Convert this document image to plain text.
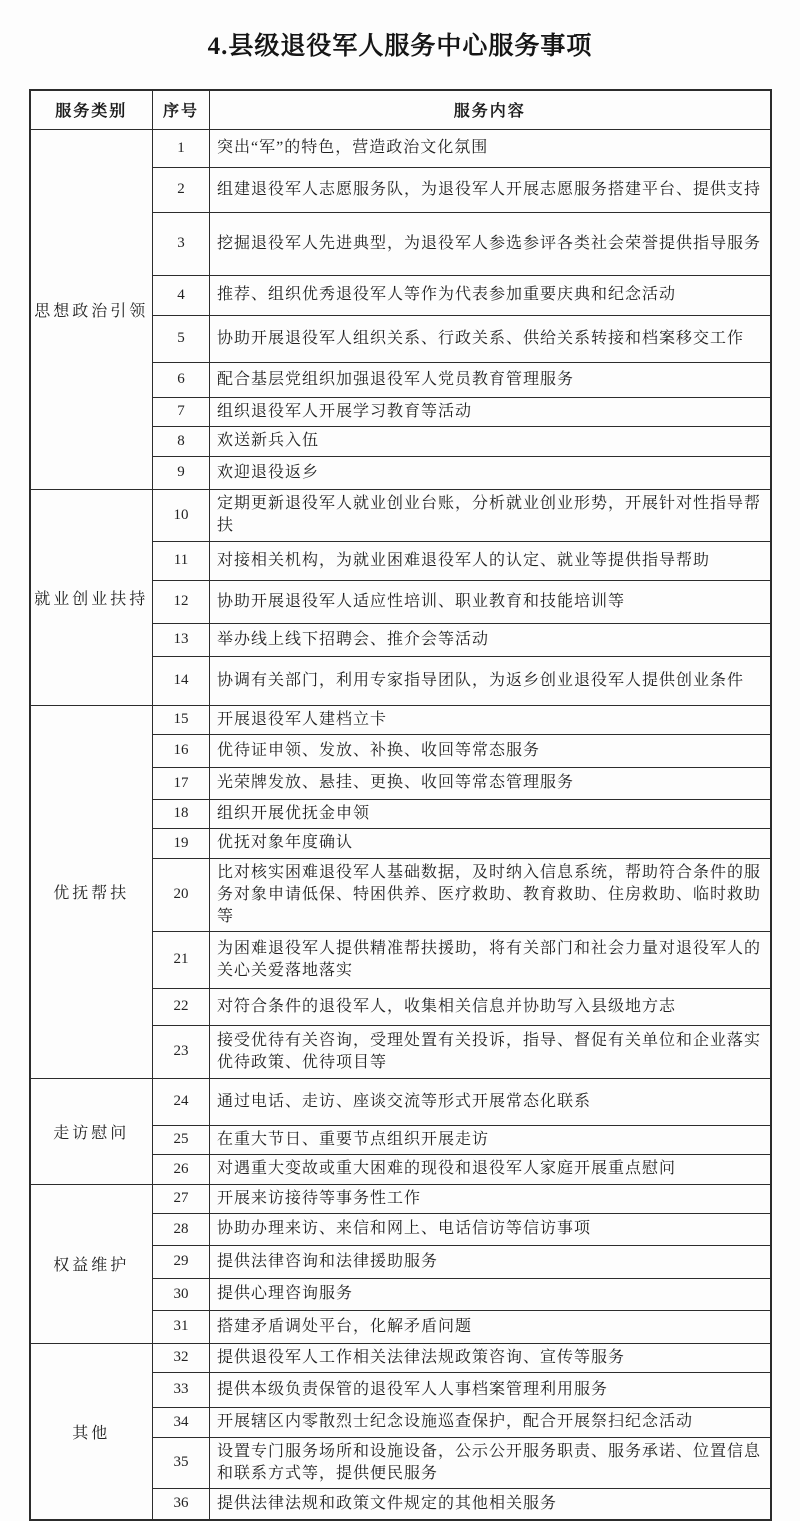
4.县级退役军人服务中心服务事项
服务类别	序号	服务内容
思想政治引领	1	突出“军”的特色，营造政治文化氛围
	2	组建退役军人志愿服务队，为退役军人开展志愿服务搭建平台、提供支持
	3	挖掘退役军人先进典型，为退役军人参选参评各类社会荣誉提供指导服务
	4	推荐、组织优秀退役军人等作为代表参加重要庆典和纪念活动
	5	协助开展退役军人组织关系、行政关系、供给关系转接和档案移交工作
	6	配合基层党组织加强退役军人党员教育管理服务
	7	组织退役军人开展学习教育等活动
	8	欢送新兵入伍
	9	欢迎退役返乡
就业创业扶持	10	定期更新退役军人就业创业台账，分析就业创业形势，开展针对性指导帮扶
	11	对接相关机构，为就业困难退役军人的认定、就业等提供指导帮助
	12	协助开展退役军人适应性培训、职业教育和技能培训等
	13	举办线上线下招聘会、推介会等活动
	14	协调有关部门，利用专家指导团队，为返乡创业退役军人提供创业条件
优抚帮扶	15	开展退役军人建档立卡
	16	优待证申领、发放、补换、收回等常态服务
	17	光荣牌发放、悬挂、更换、收回等常态管理服务
	18	组织开展优抚金申领
	19	优抚对象年度确认
	20	比对核实困难退役军人基础数据，及时纳入信息系统，帮助符合条件的服务对象申请低保、特困供养、医疗救助、教育救助、住房救助、临时救助等
	21	为困难退役军人提供精准帮扶援助，将有关部门和社会力量对退役军人的关心关爱落地落实
	22	对符合条件的退役军人，收集相关信息并协助写入县级地方志
	23	接受优待有关咨询，受理处置有关投诉，指导、督促有关单位和企业落实优待政策、优待项目等
走访慰问	24	通过电话、走访、座谈交流等形式开展常态化联系
	25	在重大节日、重要节点组织开展走访
	26	对遇重大变故或重大困难的现役和退役军人家庭开展重点慰问
权益维护	27	开展来访接待等事务性工作
	28	协助办理来访、来信和网上、电话信访等信访事项
	29	提供法律咨询和法律援助服务
	30	提供心理咨询服务
	31	搭建矛盾调处平台，化解矛盾问题
其他	32	提供退役军人工作相关法律法规政策咨询、宣传等服务
	33	提供本级负责保管的退役军人人事档案管理利用服务
	34	开展辖区内零散烈士纪念设施巡查保护，配合开展祭扫纪念活动
	35	设置专门服务场所和设施设备，公示公开服务职责、服务承诺、位置信息和联系方式等，提供便民服务
	36	提供法律法规和政策文件规定的其他相关服务
